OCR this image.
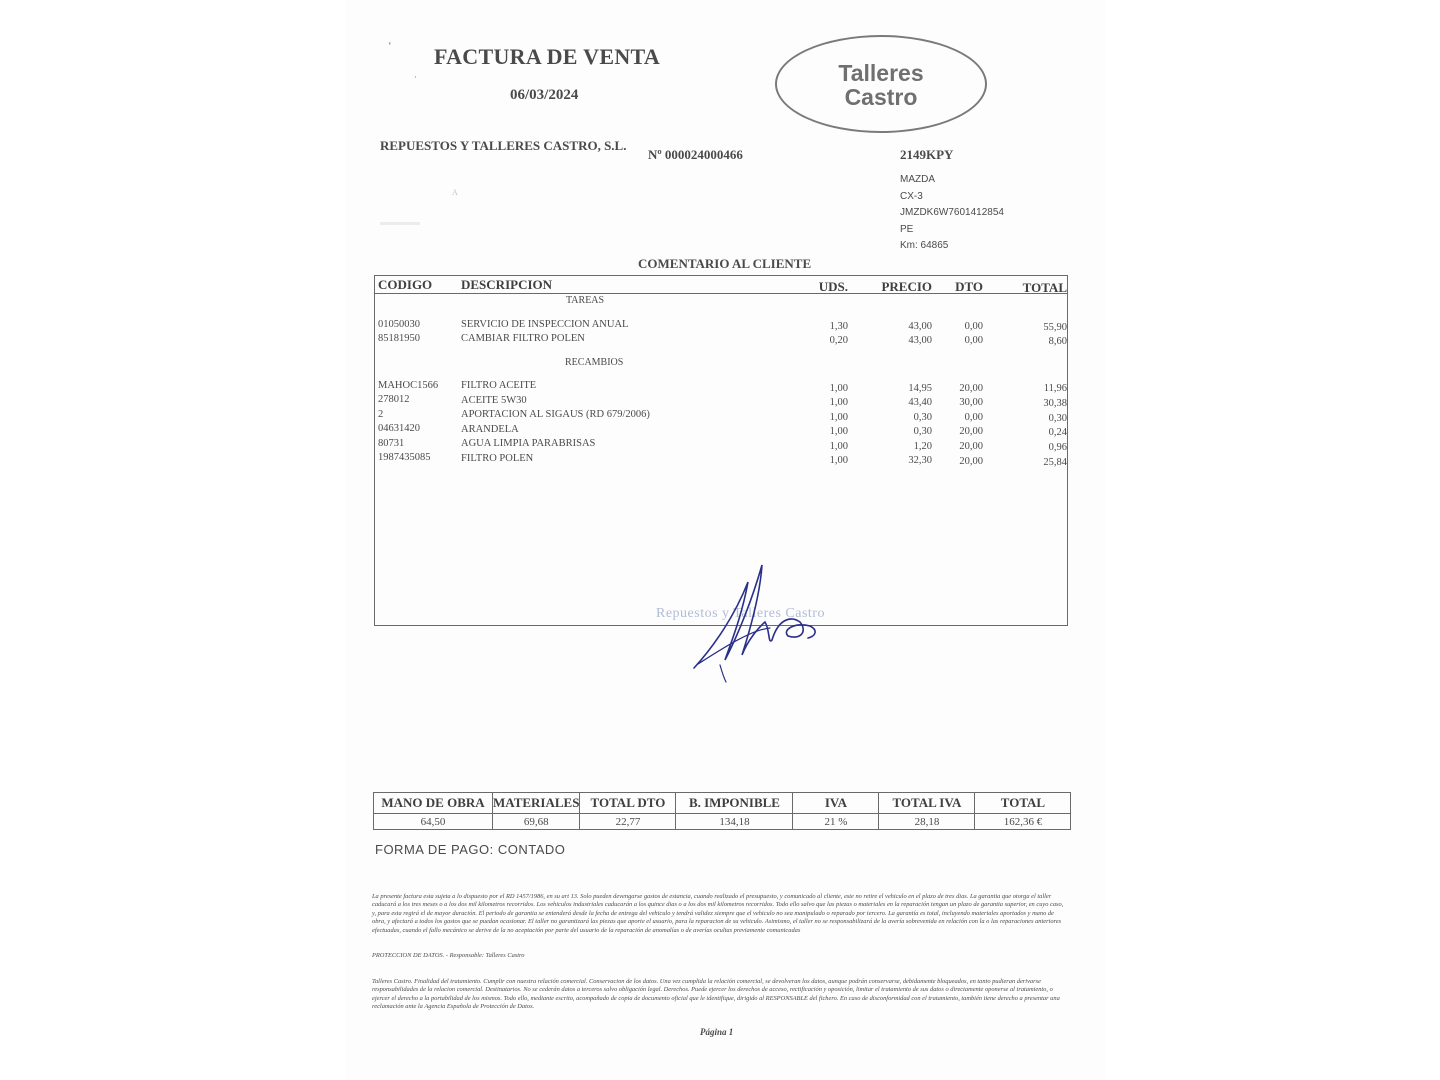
ʻ
·
FACTURA DE VENTA
06/03/2024
Talleres
Castro
REPUESTOS Y TALLERES CASTRO, S.L.
Nº 000024000466	2149KPY
A
MAZDA
CX-3
JMZDK6W7601412854
PE
Km: 64865
COMENTARIO AL CLIENTE
CODIGO DESCRIPCION	UDS.	PRECIO	DTO	TOTAL
TAREAS
01050030	SERVICIO DE INSPECCION ANUAL	1,30	43,00	0,00	55,90
85181950	CAMBIAR FILTRO POLEN	0,20	43,00	0,00	8,60
RECAMBIOS
MAHOC1566 FILTRO ACEITE	1,00	14,95	20,00	11,96
278012	ACEITE 5W30	1,00	43,40	30,00	30,38
2	APORTACION AL SIGAUS (RD 679/2006)	1,00	0,30	0,00	0,30
04631420	ARANDELA	1,00	0,30	20,00	0,24
80731	AGUA LIMPIA PARABRISAS	1,00	1,20	20,00	0,96
1987435085	FILTRO POLEN	1,00	32,30	20,00	25,84
Repuestos y Talleres Castro
MANO DE OBRA	MATERIALES	TOTAL DTO	B. IMPONIBLE	IVA	TOTAL IVA	TOTAL
64,50	69,68	22,77	134,18	21 %	28,18	162,36 €
FORMA DE PAGO: CONTADO
La presente factura esta sujeta a lo dispuesto por el RD 1457/1986, en su art 13. Solo pueden devengarse gastos de estancia, cuando realizado el presupuesto, y comunicado al cliente, este no retire el vehiculo en el plazo de tres dias. La garantia que otorga el taller caducará a los tres meses o a los dos mil kilometros recorridos. Los vehiculos industriales caducarán a los quince dias o a los dos mil kilometros recorridos. Todo ello salvo que las piezas o materiales en la reparación tengan un plazo de garantia superior, en cuyo caso, y, para esta regirá el de mayor duración. El periodo de garantia se entenderá desde la fecha de entrega del vehiculo y tendrá validez siempre que el vehiculo no sea manipulado o reparado por tercero. La garantía es total, incluyendo materiales aportados y mano de obra, y afectará a todos los gastos que se puedan ocasionar. El taller no garantizará las piezas que aporte el usuario, para la reparacion de su vehiculo. Asimismo, el taller no se responsabilizará de la avería sobrevenida en relación con la o las reparaciones anteriores efectuadas, cuando el fallo mecánico se derive de la no aceptación por parte del usuario de la reparación de anomalías o de averías ocultas previamente comunicadas
PROTECCION DE DATOS. - Responsable: Talleres Castro
Talleres Castro. Finalidad del tratamiento. Cumplir con nuestra relación comercial. Conservacion de los datos. Una vez cumplida la relación comercial, se devolveran los datos, aunque podrán conservarse, debidamente bloqueados, en tanto pudieran derivarse responsabilidades de la relacion comercial. Destinatarios. No se cederán datos a terceros salvo obligación legal. Derechos. Puede ejercer los derechos de acceso, rectificación y oposición, limitar el tratamiento de sus datos o directamente oponerse al tratamiento, o ejercer el derecho a la portabilidad de los mismos. Todo ello, mediante escrito, acompañado de copia de documento oficial que le identifique, dirigido al RESPONSABLE del fichero. En caso de disconformidad con el tratamiento, también tiene derecho a presentar una reclamación ante la Agencia Española de Protección de Datos.
Página 1
